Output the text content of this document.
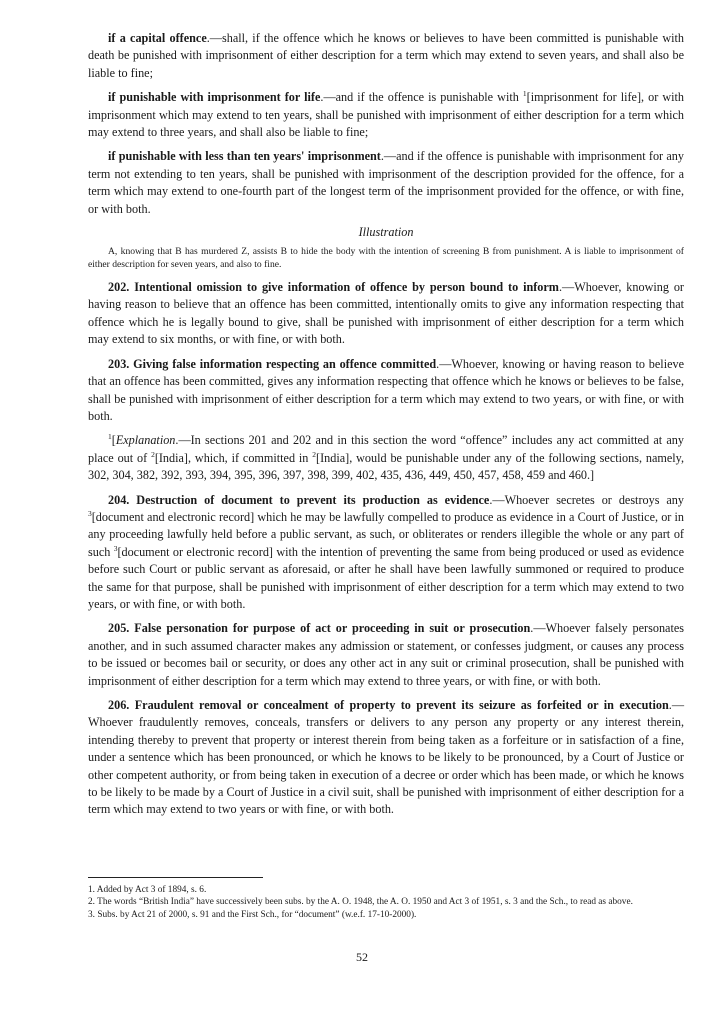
if a capital offence.—shall, if the offence which he knows or believes to have been committed is punishable with death be punished with imprisonment of either description for a term which may extend to seven years, and shall also be liable to fine;

if punishable with imprisonment for life.—and if the offence is punishable with $^1$[imprisonment for life], or with imprisonment which may extend to ten years, shall be punished with imprisonment of either description for a term which may extend to three years, and shall also be liable to fine;

if punishable with less than ten years' imprisonment.—and if the offence is punishable with imprisonment for any term not extending to ten years, shall be punished with imprisonment of the description provided for the offence, for a term which may extend to one-fourth part of the longest term of the imprisonment provided for the offence, or with fine, or with both.

Illustration

A, knowing that B has murdered Z, assists B to hide the body with the intention of screening B from punishment. A is liable to imprisonment of either description for seven years, and also to fine.

202. Intentional omission to give information of offence by person bound to inform.—Whoever, knowing or having reason to believe that an offence has been committed, intentionally omits to give any information respecting that offence which he is legally bound to give, shall be punished with imprisonment of either description for a term which may extend to six months, or with fine, or with both.

203. Giving false information respecting an offence committed.—Whoever, knowing or having reason to believe that an offence has been committed, gives any information respecting that offence which he knows or believes to be false, shall be punished with imprisonment of either description for a term which may extend to two years, or with fine, or with both.

$^1$[Explanation.—In sections 201 and 202 and in this section the word “offence” includes any act committed at any place out of $^2$[India], which, if committed in $^2$[India], would be punishable under any of the following sections, namely, 302, 304, 382, 392, 393, 394, 395, 396, 397, 398, 399, 402, 435, 436, 449, 450, 457, 458, 459 and 460.]

204. Destruction of document to prevent its production as evidence.—Whoever secretes or destroys any $^3$[document and electronic record] which he may be lawfully compelled to produce as evidence in a Court of Justice, or in any proceeding lawfully held before a public servant, as such, or obliterates or renders illegible the whole or any part of such $^3$[document or electronic record] with the intention of preventing the same from being produced or used as evidence before such Court or public servant as aforesaid, or after he shall have been lawfully summoned or required to produce the same for that purpose, shall be punished with imprisonment of either description for a term which may extend to two years, or with fine, or with both.

205. False personation for purpose of act or proceeding in suit or prosecution.—Whoever falsely personates another, and in such assumed character makes any admission or statement, or confesses judgment, or causes any process to be issued or becomes bail or security, or does any other act in any suit or criminal prosecution, shall be punished with imprisonment of either description for a term which may extend to three years, or with fine, or with both.

206. Fraudulent removal or concealment of property to prevent its seizure as forfeited or in execution.—Whoever fraudulently removes, conceals, transfers or delivers to any person any property or any interest therein, intending thereby to prevent that property or interest therein from being taken as a forfeiture or in satisfaction of a fine, under a sentence which has been pronounced, or which he knows to be likely to be pronounced, by a Court of Justice or other competent authority, or from being taken in execution of a decree or order which has been made, or which he knows to be likely to be made by a Court of Justice in a civil suit, shall be punished with imprisonment of either description for a term which may extend to two years or with fine, or with both.

1. Added by Act 3 of 1894, s. 6.

2. The words “British India” have successively been subs. by the A. O. 1948, the A. O. 1950 and Act 3 of 1951, s. 3 and the Sch., to read as above.

3. Subs. by Act 21 of 2000, s. 91 and the First Sch., for “document” (w.e.f. 17-10-2000).

52
